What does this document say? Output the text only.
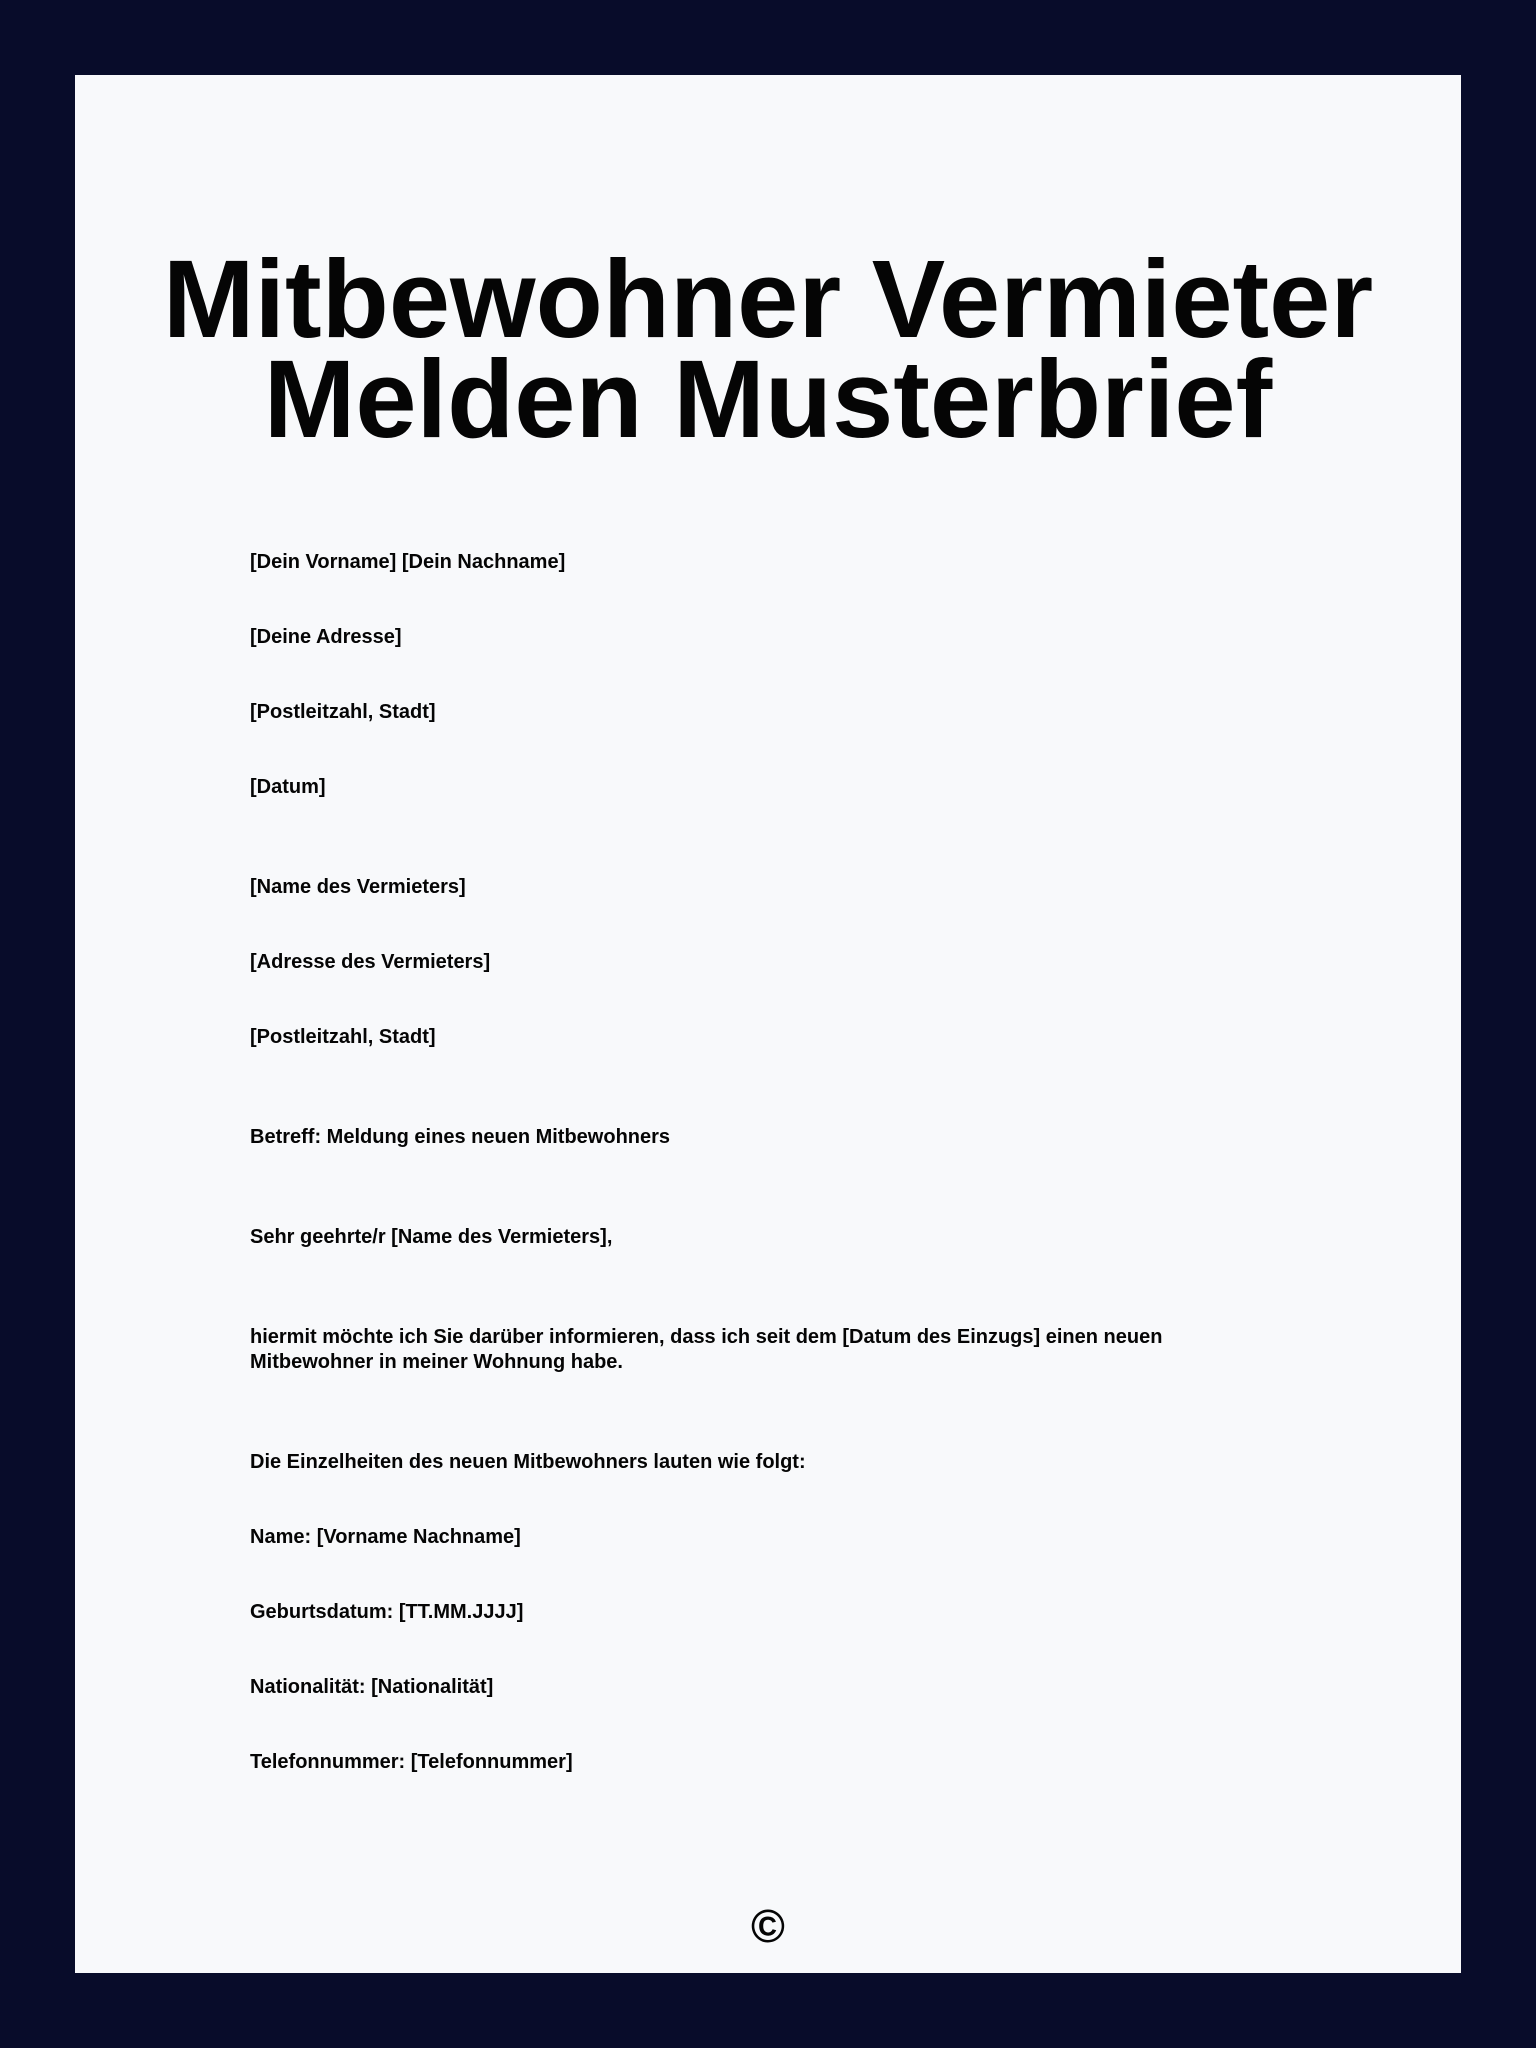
Mitbewohner Vermieter
Melden Musterbrief

[Dein Vorname] [Dein Nachname]

[Deine Adresse]

[Postleitzahl, Stadt]

[Datum]

[Name des Vermieters]

[Adresse des Vermieters]

[Postleitzahl, Stadt]

Betreff: Meldung eines neuen Mitbewohners

Sehr geehrte/r [Name des Vermieters],

hiermit möchte ich Sie darüber informieren, dass ich seit dem [Datum des Einzugs] einen neuen Mitbewohner in meiner Wohnung habe.

Die Einzelheiten des neuen Mitbewohners lauten wie folgt:

Name: [Vorname Nachname]

Geburtsdatum: [TT.MM.JJJJ]

Nationalität: [Nationalität]

Telefonnummer: [Telefonnummer]

©
